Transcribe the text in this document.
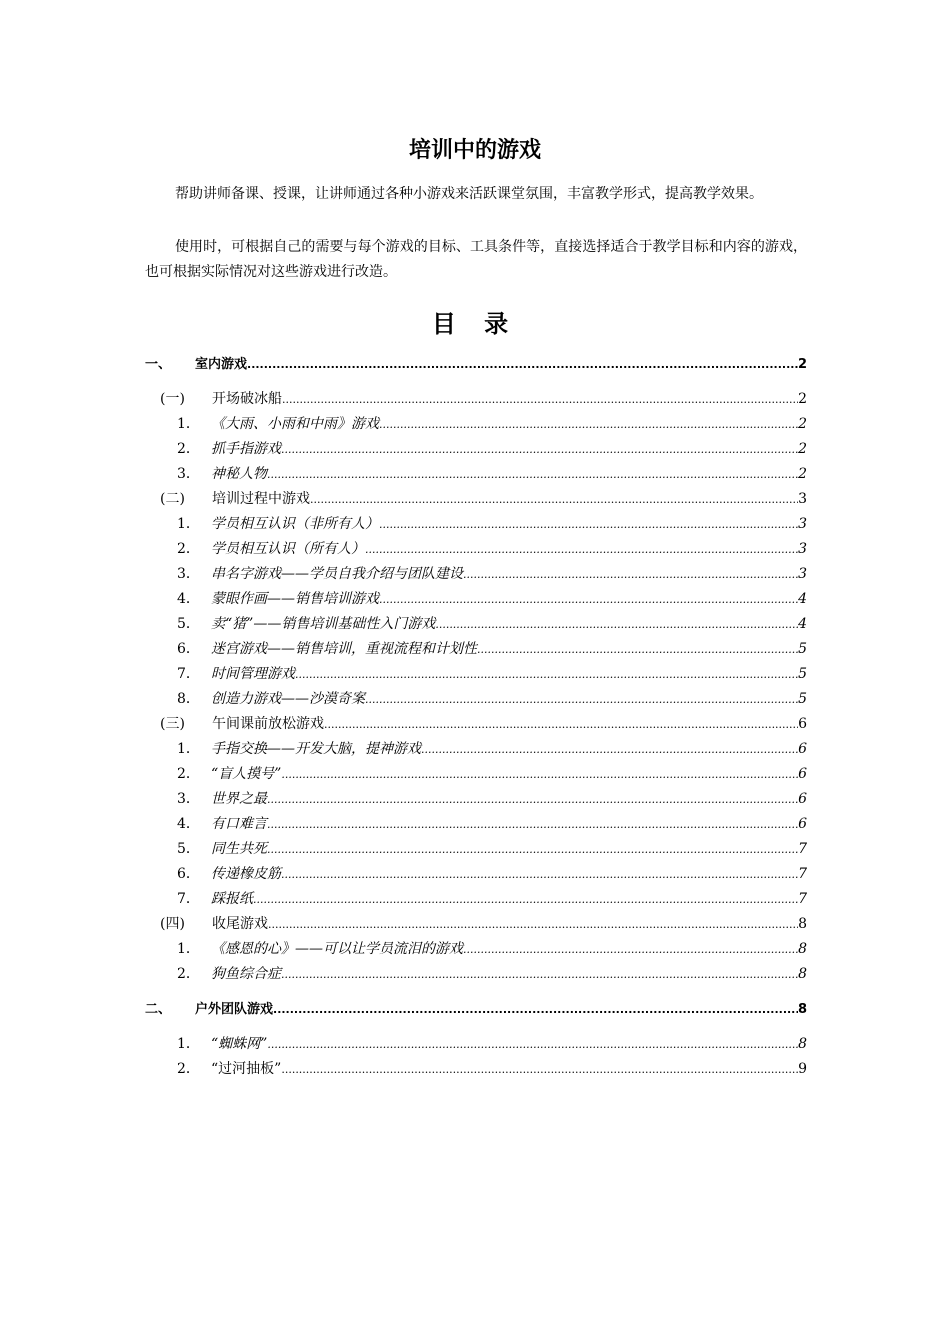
培训中的游戏

帮助讲师备课、授课，让讲师通过各种小游戏来活跃课堂氛围，丰富教学形式，提高教学效果。

使用时，可根据自己的需要与每个游戏的目标、工具条件等，直接选择适合于教学目标和内容的游戏，也可根据实际情况对这些游戏进行改造。

目 录
一、	室内游戏 .....	2
(一)	开场破冰船 .....	2
1． 《大雨、小雨和中雨》游戏 .....	2
2． 抓手指游戏 .....	2
3． 神秘人物 .....	2
(二)	培训过程中游戏 .....	3
1． 学员相互认识（非所有人） .....	3
2． 学员相互认识（所有人） .....	3
3． 串名字游戏——学员自我介绍与团队建设 .....	3
4． 蒙眼作画——销售培训游戏 .....	4
5． 卖“猪”——销售培训基础性入门游戏 .....	4
6． 迷宫游戏——销售培训，重视流程和计划性 .....	5
7． 时间管理游戏 .....	5
8． 创造力游戏——沙漠奇案 .....	5
(三)	午间课前放松游戏 .....	6
1． 手指交换——开发大脑，提神游戏 .....	6
2． “盲人摸号” .....	6
3． 世界之最 .....	6
4． 有口难言 .....	6
5． 同生共死 .....	7
6． 传递橡皮筋 .....	7
7． 踩报纸 .....	7
(四)	收尾游戏 .....	8
1． 《感恩的心》——可以让学员流泪的游戏 .....	8
2． 狗鱼综合症 .....	8
二、	户外团队游戏 .....	8
1． “蜘蛛网” .....	8
2． “过河抽板” .....	9
